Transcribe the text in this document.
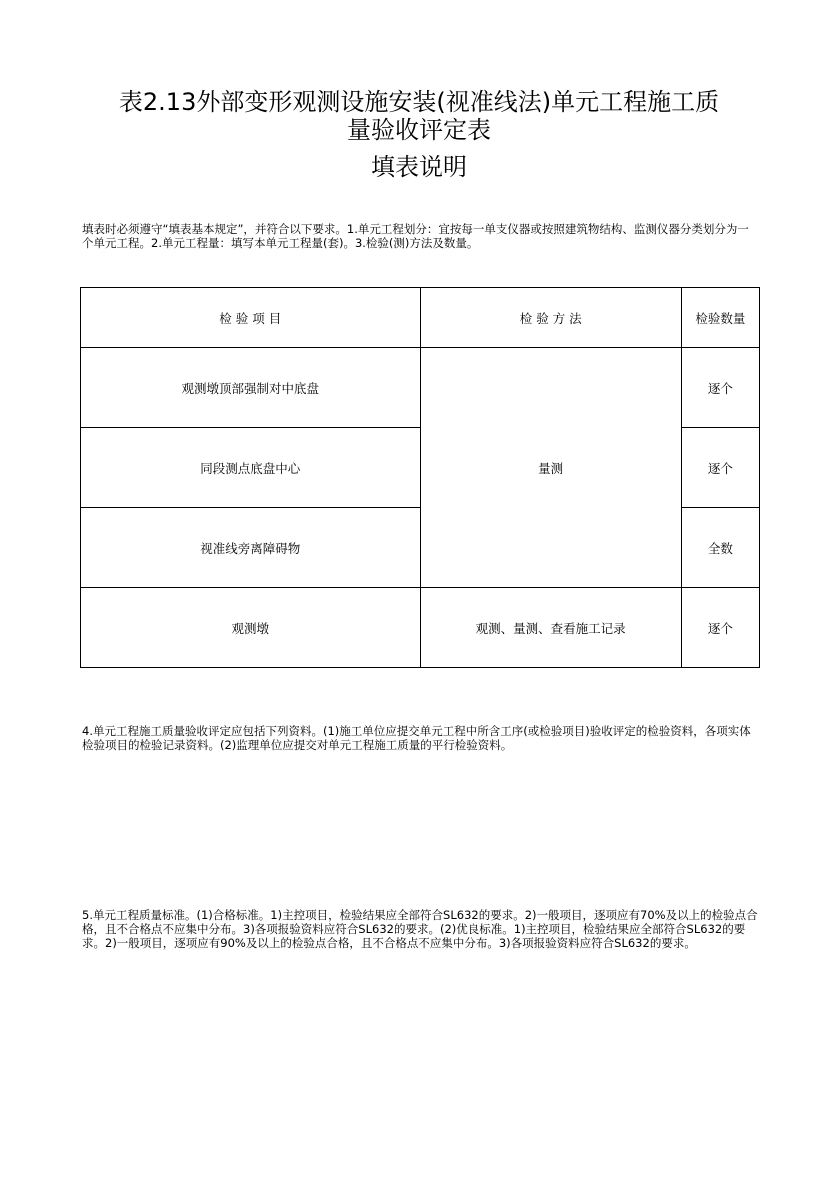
表2.13外部变形观测设施安装(视准线法)单元工程施工质
量验收评定表
填表说明
填表时必须遵守“填表基本规定”，并符合以下要求。1.单元工程划分：宜按每一单支仪器或按照建筑物结构、监测仪器分类划分为一个单元工程。2.单元工程量：填写本单元工程量(套)。3.检验(测)方法及数量。
检 验 项 目	检 验 方 法	检验数量
观测墩顶部强制对中底盘	量测	逐个
同段测点底盘中心		逐个
视准线旁离障碍物		全数
观测墩	观测、量测、查看施工记录	逐个
4.单元工程施工质量验收评定应包括下列资料。(1)施工单位应提交单元工程中所含工序(或检验项目)验收评定的检验资料，各项实体检验项目的检验记录资料。(2)监理单位应提交对单元工程施工质量的平行检验资料。
5.单元工程质量标准。(1)合格标准。1)主控项目，检验结果应全部符合SL632的要求。2)一般项目，逐项应有70%及以上的检验点合格，且不合格点不应集中分布。3)各项报验资料应符合SL632的要求。(2)优良标准。1)主控项目，检验结果应全部符合SL632的要求。2)一般项目，逐项应有90%及以上的检验点合格，且不合格点不应集中分布。3)各项报验资料应符合SL632的要求。
